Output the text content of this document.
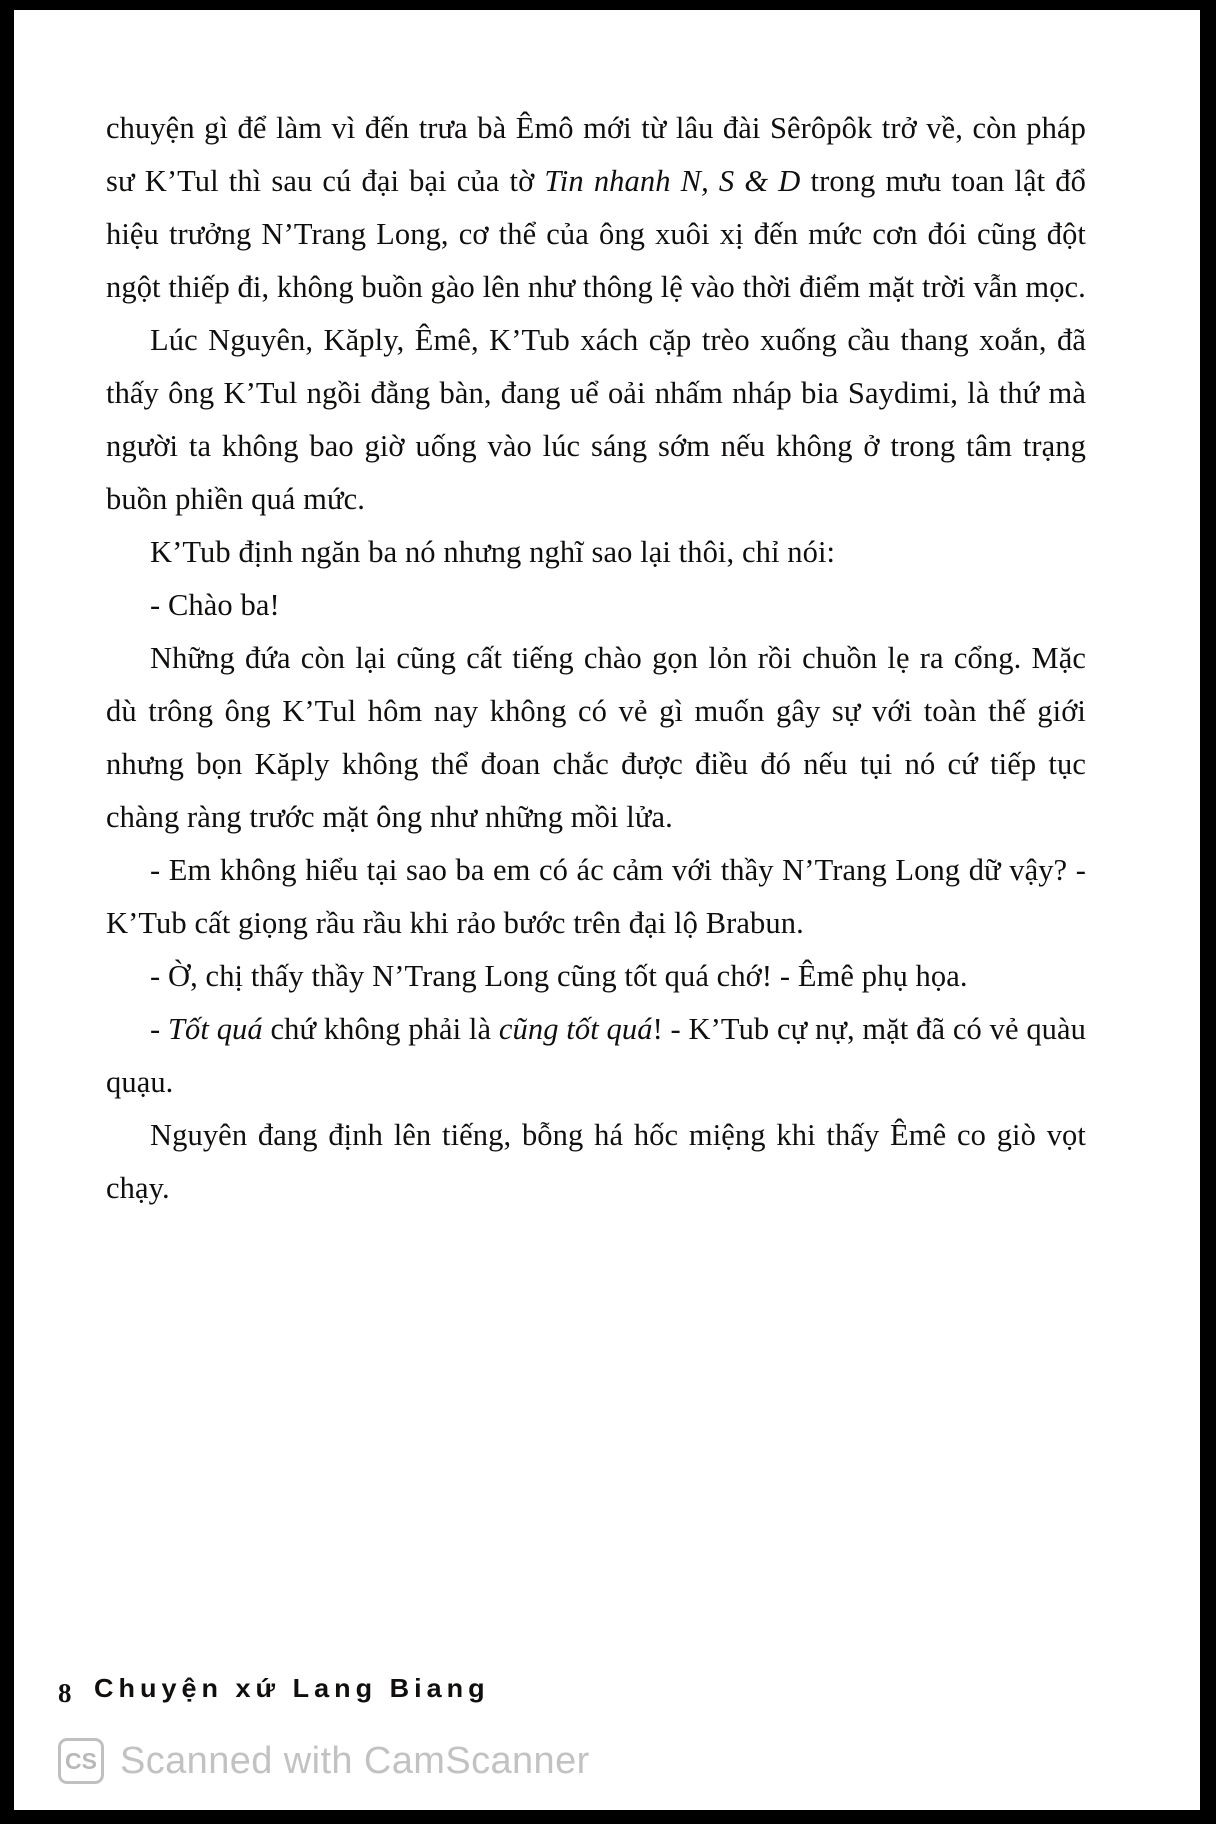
chuyện gì để làm vì đến trưa bà Êmô mới từ lâu đài Sêrôpôk trở về, còn pháp sư K’Tul thì sau cú đại bại của tờ Tin nhanh N, S & D trong mưu toan lật đổ hiệu trưởng N’Trang Long, cơ thể của ông xuôi xị đến mức cơn đói cũng đột ngột thiếp đi, không buồn gào lên như thông lệ vào thời điểm mặt trời vẫn mọc.

Lúc Nguyên, Kăply, Êmê, K’Tub xách cặp trèo xuống cầu thang xoắn, đã thấy ông K’Tul ngồi đằng bàn, đang uể oải nhấm nháp bia Saydimi, là thứ mà người ta không bao giờ uống vào lúc sáng sớm nếu không ở trong tâm trạng buồn phiền quá mức.

K’Tub định ngăn ba nó nhưng nghĩ sao lại thôi, chỉ nói:

- Chào ba!

Những đứa còn lại cũng cất tiếng chào gọn lỏn rồi chuồn lẹ ra cổng. Mặc dù trông ông K’Tul hôm nay không có vẻ gì muốn gây sự với toàn thế giới nhưng bọn Kăply không thể đoan chắc được điều đó nếu tụi nó cứ tiếp tục chàng ràng trước mặt ông như những mồi lửa.

- Em không hiểu tại sao ba em có ác cảm với thầy N’Trang Long dữ vậy? - K’Tub cất giọng rầu rầu khi rảo bước trên đại lộ Brabun.

- Ờ, chị thấy thầy N’Trang Long cũng tốt quá chớ! - Êmê phụ họa.

- Tốt quá chứ không phải là cũng tốt quá! - K’Tub cự nự, mặt đã có vẻ quàu quạu.

Nguyên đang định lên tiếng, bỗng há hốc miệng khi thấy Êmê co giò vọt chạy.

8 Chuyện xứ Lang Biang
CS Scanned with CamScanner
